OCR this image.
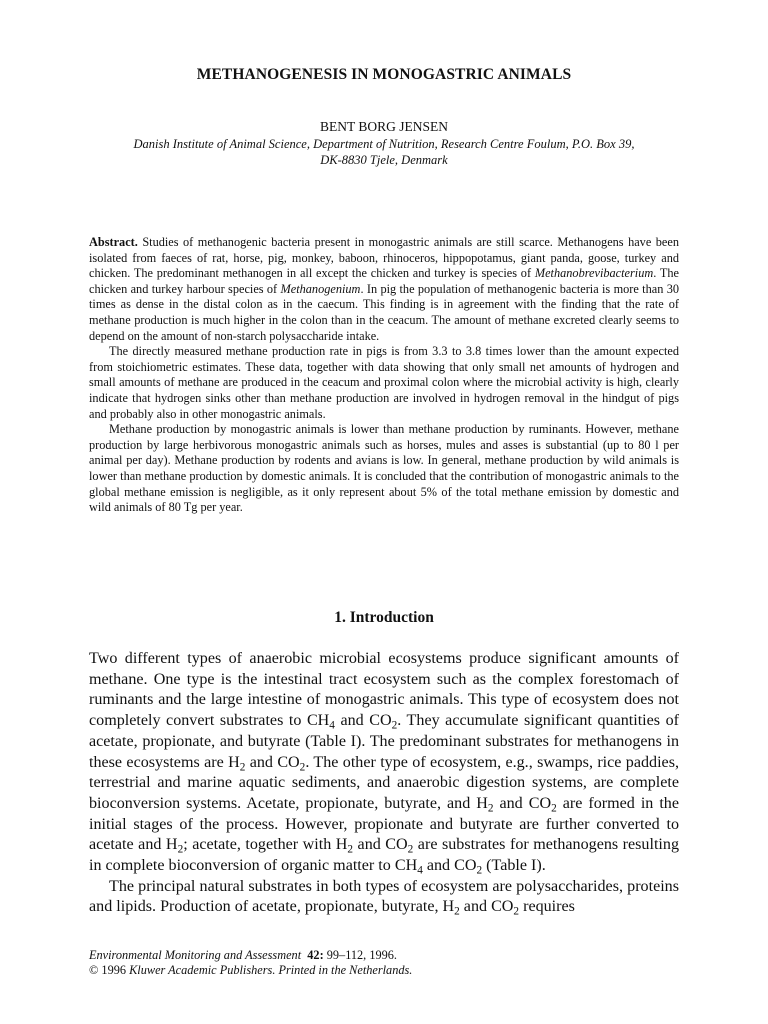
METHANOGENESIS IN MONOGASTRIC ANIMALS
BENT BORG JENSEN
Danish Institute of Animal Science, Department of Nutrition, Research Centre Foulum, P.O. Box 39,
DK-8830 Tjele, Denmark

Abstract. Studies of methanogenic bacteria present in monogastric animals are still scarce. Methanogens have been isolated from faeces of rat, horse, pig, monkey, baboon, rhinoceros, hippopotamus, giant panda, goose, turkey and chicken. The predominant methanogen in all except the chicken and turkey is species of Methanobrevibacterium. The chicken and turkey harbour species of Methanogenium. In pig the population of methanogenic bacteria is more than 30 times as dense in the distal colon as in the caecum. This finding is in agreement with the finding that the rate of methane production is much higher in the colon than in the ceacum. The amount of methane excreted clearly seems to depend on the amount of non-starch polysaccharide intake.

The directly measured methane production rate in pigs is from 3.3 to 3.8 times lower than the amount expected from stoichiometric estimates. These data, together with data showing that only small net amounts of hydrogen and small amounts of methane are produced in the ceacum and proximal colon where the microbial activity is high, clearly indicate that hydrogen sinks other than methane production are involved in hydrogen removal in the hindgut of pigs and probably also in other monogastric animals.

Methane production by monogastric animals is lower than methane production by ruminants. However, methane production by large herbivorous monogastric animals such as horses, mules and asses is substantial (up to 80 l per animal per day). Methane production by rodents and avians is low. In general, methane production by wild animals is lower than methane production by domestic animals. It is concluded that the contribution of monogastric animals to the global methane emission is negligible, as it only represent about 5% of the total methane emission by domestic and wild animals of 80 Tg per year.

1. Introduction

Two different types of anaerobic microbial ecosystems produce significant amounts of methane. One type is the intestinal tract ecosystem such as the complex forestomach of ruminants and the large intestine of monogastric animals. This type of ecosystem does not completely convert substrates to $CH_4$ and $CO_2$. They accumulate significant quantities of acetate, propionate, and butyrate (Table I). The predominant substrates for methanogens in these ecosystems are $H_2$ and $CO_2$. The other type of ecosystem, e.g., swamps, rice paddies, terrestrial and marine aquatic sediments, and anaerobic digestion systems, are complete bioconversion systems. Acetate, propionate, butyrate, and $H_2$ and $CO_2$ are formed in the initial stages of the process. However, propionate and butyrate are further converted to acetate and $H_2$; acetate, together with $H_2$ and $CO_2$ are substrates for methanogens resulting in complete bioconversion of organic matter to $CH_4$ and $CO_2$ (Table I).

The principal natural substrates in both types of ecosystem are polysaccharides, proteins and lipids. Production of acetate, propionate, butyrate, $H_2$ and $CO_2$ requires

Environmental Monitoring and Assessment 42: 99–112, 1996.
© 1996 Kluwer Academic Publishers. Printed in the Netherlands.
